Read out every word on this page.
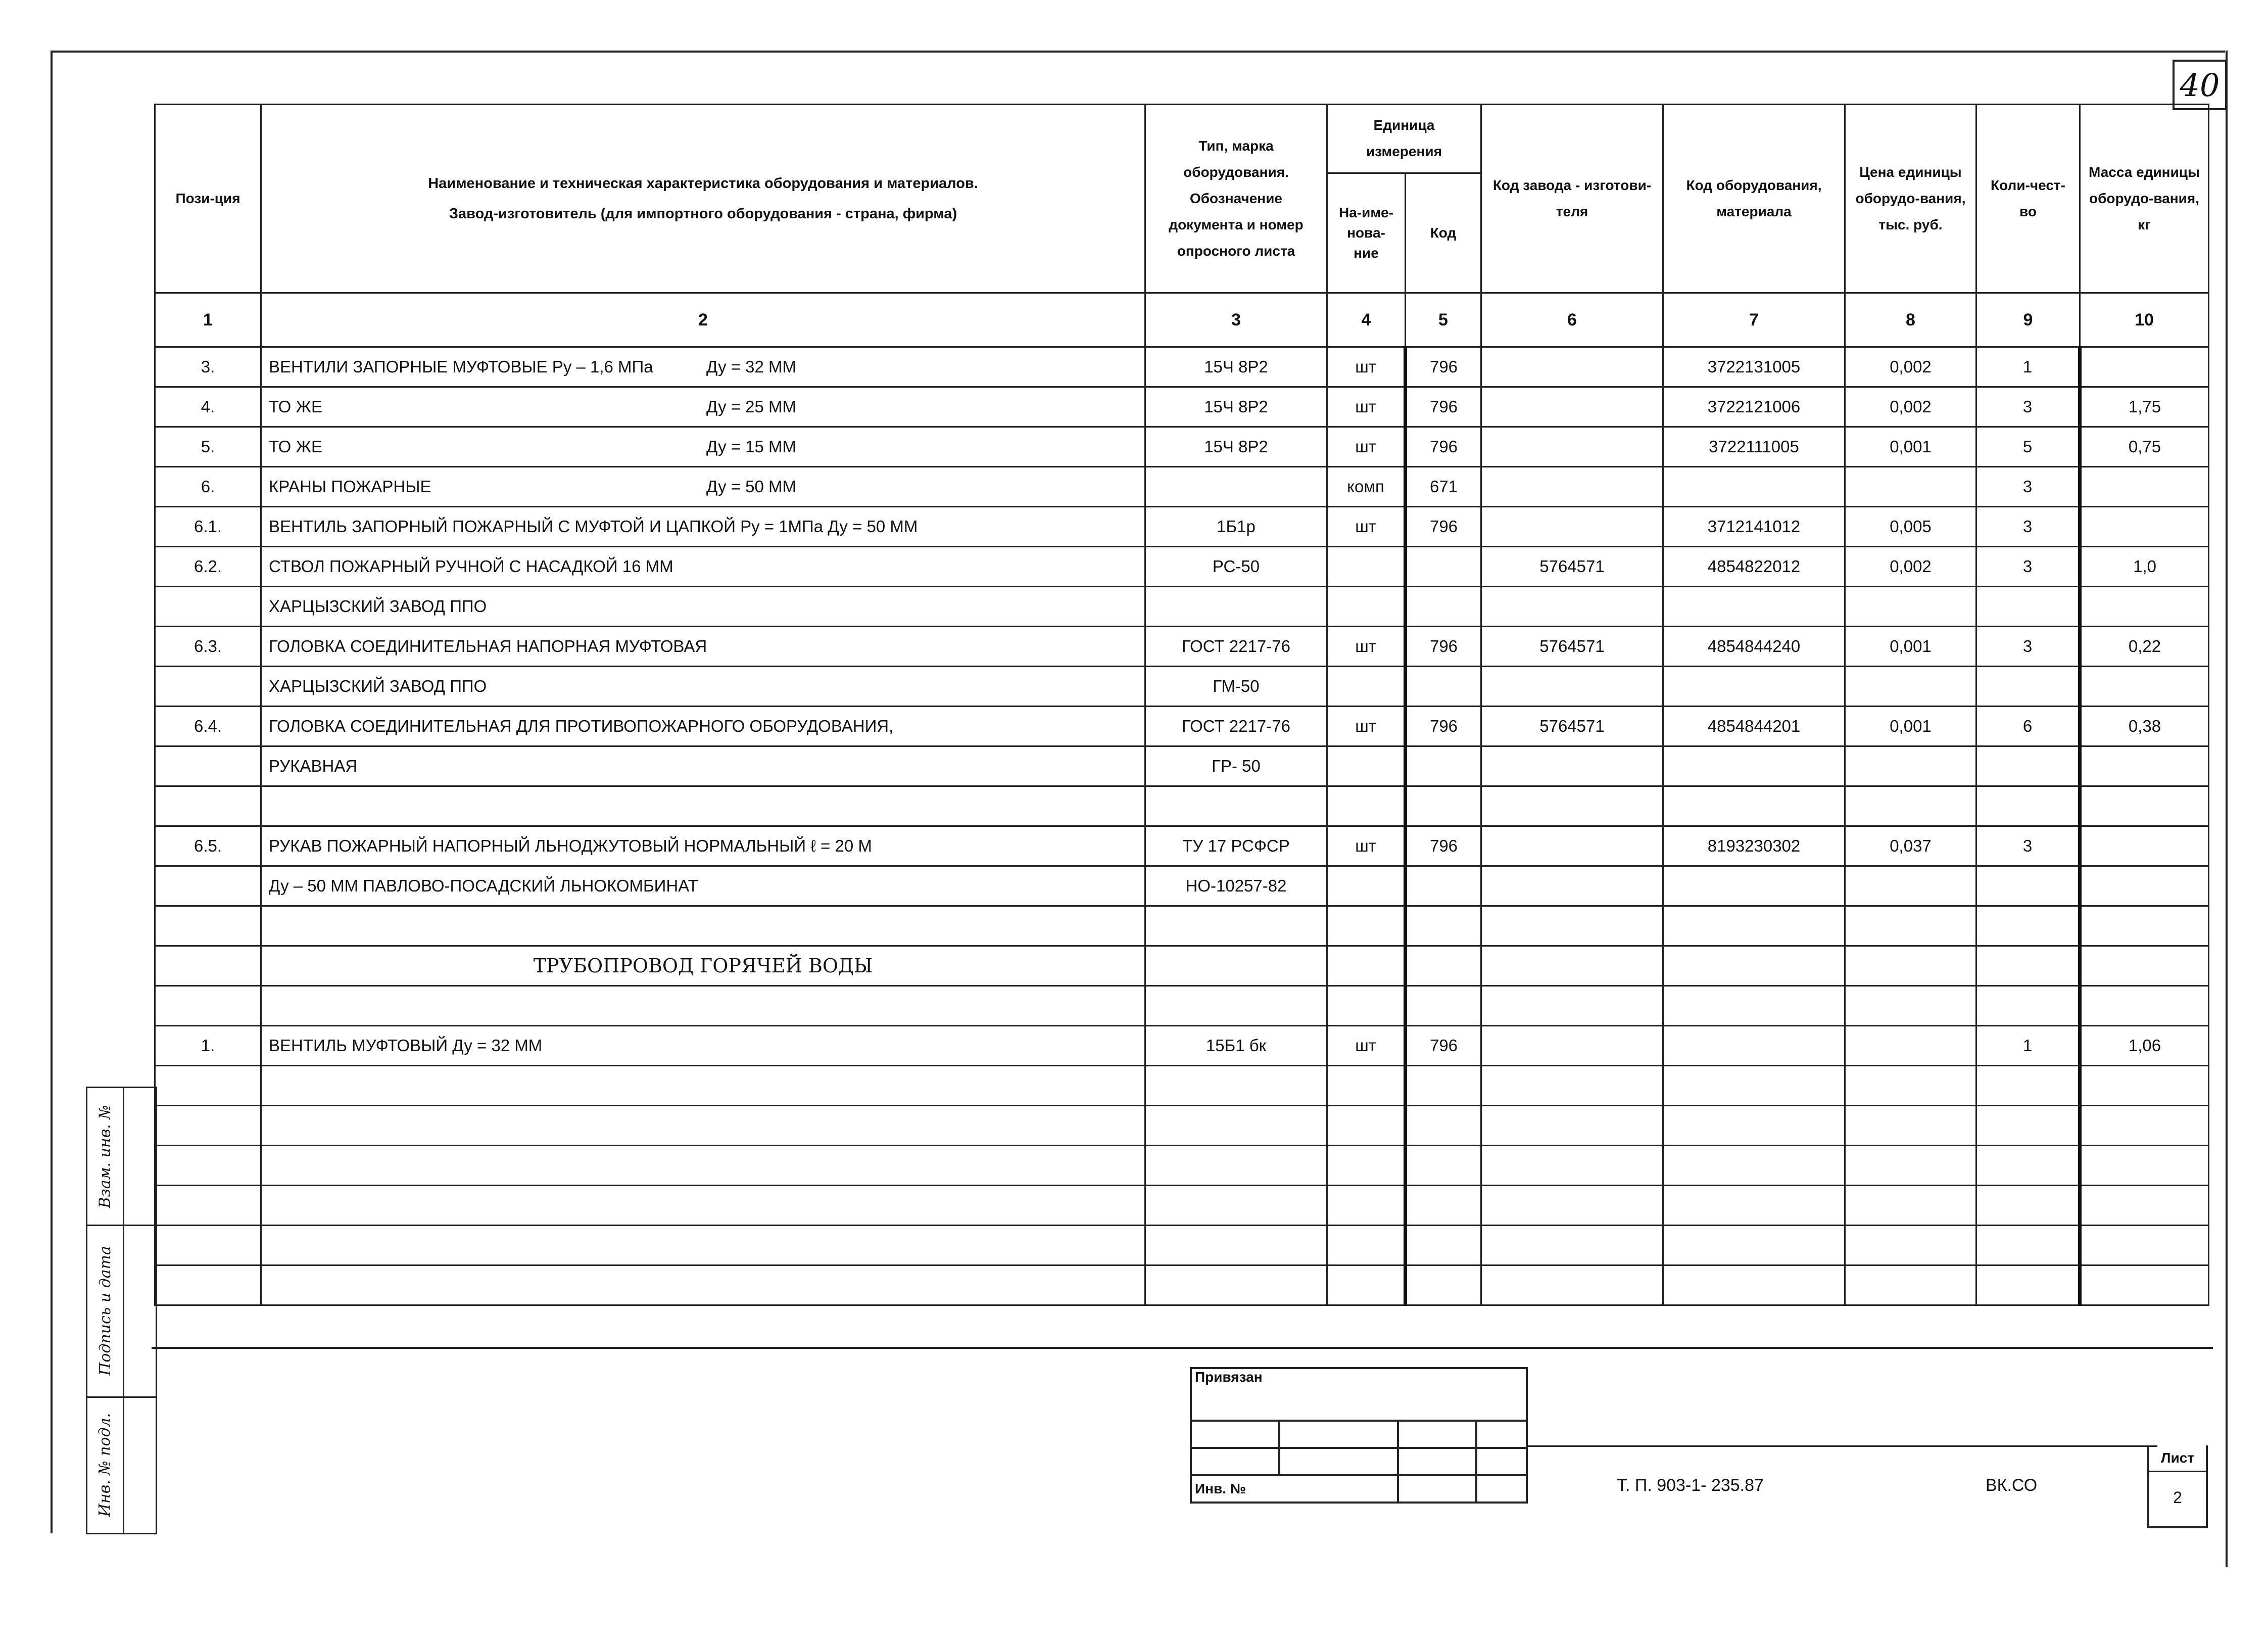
40
Пози-ция	Наименование и техническая характеристика оборудования и материалов.
Завод-изготовитель (для импортного оборудования - страна, фирма)	Тип, марка оборудования. Обозначение документа и номер опросного листа	Единица измерения		Код завода - изготови-теля	Код оборудования, материала	Цена единицы оборудо-вания, тыс. руб.	Коли-чест-во	Масса единицы оборудо-вания, кг
			На-име-нова-ние	Код					
1	2	3	4	5	6	7	8	9	10
3.	ВЕНТИЛИ ЗАПОРНЫЕ МУФТОВЫЕ Ру – 1,6 МПа Ду = 32 ММ	15Ч 8Р2	шт	796		3722131005	0,002	1	
4.	ТО ЖЕ Ду = 25 ММ	15Ч 8Р2	шт	796		3722121006	0,002	3	1,75
5.	ТО ЖЕ Ду = 15 ММ	15Ч 8Р2	шт	796		3722111005	0,001	5	0,75
6.	КРАНЫ ПОЖАРНЫЕ Ду = 50 ММ		комп	671				3	
6.1.	ВЕНТИЛЬ ЗАПОРНЫЙ ПОЖАРНЫЙ С МУФТОЙ И ЦАПКОЙ Ру = 1МПа Ду = 50 ММ	1Б1р	шт	796		3712141012	0,005	3	
6.2.	СТВОЛ ПОЖАРНЫЙ РУЧНОЙ С НАСАДКОЙ 16 ММ	РС-50			5764571	4854822012	0,002	3	1,0
	ХАРЦЫЗСКИЙ ЗАВОД ППО

6.3.	ГОЛОВКА СОЕДИНИТЕЛЬНАЯ НАПОРНАЯ МУФТОВАЯ	ГОСТ 2217-76	шт	796	5764571	4854844240	0,001	3	0,22
	ХАРЦЫЗСКИЙ ЗАВОД ППО	ГМ-50							
6.4.	ГОЛОВКА СОЕДИНИТЕЛЬНАЯ ДЛЯ ПРОТИВОПОЖАРНОГО ОБОРУДОВАНИЯ,	ГОСТ 2217-76	шт	796	5764571	4854844201	0,001	6	0,38
	РУКАВНАЯ	ГР- 50							

6.5.	РУКАВ ПОЖАРНЫЙ НАПОРНЫЙ ЛЬНОДЖУТОВЫЙ НОРМАЛЬНЫЙ ℓ = 20 М	ТУ 17 РСФСР	шт	796		8193230302	0,037	3	
	Ду – 50 ММ ПАВЛОВО-ПОСАДСКИЙ ЛЬНОКОМБИНАТ	НО-10257-82							

	ТРУБОПРОВОД ГОРЯЧЕЙ ВОДЫ								

1.	ВЕНТИЛЬ МУФТОВЫЙ Ду = 32 ММ	15Б1 бк	шт	796				1	1,06

Взам. инв. №
Подпись и дата
Инв. № подл.
Привязан			

Инв. №				Т. П. 903-1- 235.87	ВК.СО
Лист
2
